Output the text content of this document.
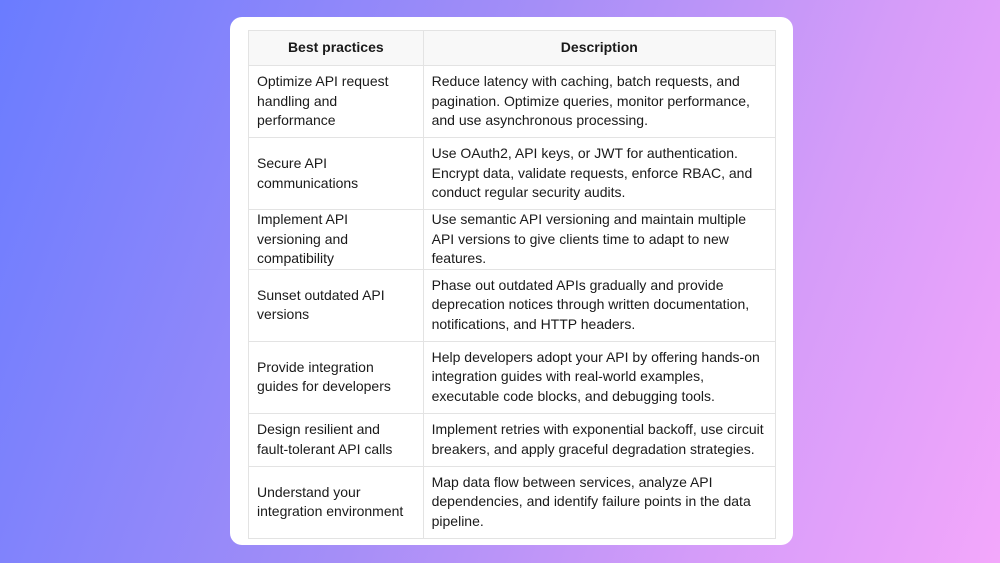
Best practices	Description
Optimize API request handling and performance	Reduce latency with caching, batch requests, and pagination. Optimize queries, monitor performance, and use asynchronous processing.
Secure API communications	Use OAuth2, API keys, or JWT for authentication. Encrypt data, validate requests, enforce RBAC, and conduct regular security audits.
Implement API versioning and compatibility	Use semantic API versioning and maintain multiple API versions to give clients time to adapt to new features.
Sunset outdated API versions	Phase out outdated APIs gradually and provide deprecation notices through written documentation, notifications, and HTTP headers.
Provide integration guides for developers	Help developers adopt your API by offering hands-on integration guides with real-world examples, executable code blocks, and debugging tools.
Design resilient and fault-tolerant API calls	Implement retries with exponential backoff, use circuit breakers, and apply graceful degradation strategies.
Understand your integration environment	Map data flow between services, analyze API dependencies, and identify failure points in the data pipeline.
